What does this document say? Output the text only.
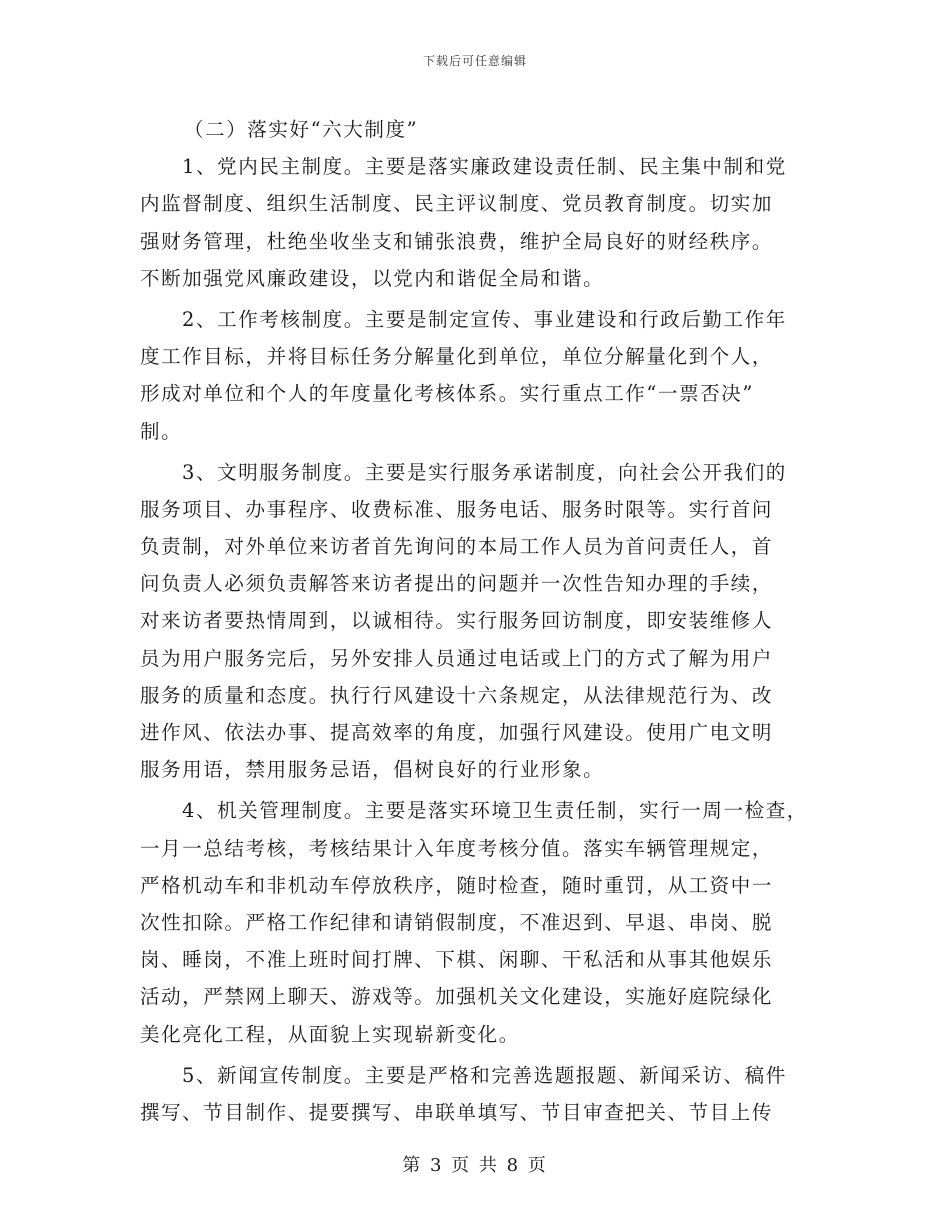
下载后可任意编辑
（二）落实好“六大制度”
1、党内民主制度。主要是落实廉政建设责任制、民主集中制和党
内监督制度、组织生活制度、民主评议制度、党员教育制度。切实加
强财务管理，杜绝坐收坐支和铺张浪费，维护全局良好的财经秩序。
不断加强党风廉政建设，以党内和谐促全局和谐。
2、工作考核制度。主要是制定宣传、事业建设和行政后勤工作年
度工作目标，并将目标任务分解量化到单位，单位分解量化到个人，
形成对单位和个人的年度量化考核体系。实行重点工作“一票否决”
制。
3、文明服务制度。主要是实行服务承诺制度，向社会公开我们的
服务项目、办事程序、收费标准、服务电话、服务时限等。实行首问
负责制，对外单位来访者首先询问的本局工作人员为首问责任人，首
问负责人必须负责解答来访者提出的问题并一次性告知办理的手续，
对来访者要热情周到，以诚相待。实行服务回访制度，即安装维修人
员为用户服务完后，另外安排人员通过电话或上门的方式了解为用户
服务的质量和态度。执行行风建设十六条规定，从法律规范行为、改
进作风、依法办事、提高效率的角度，加强行风建设。使用广电文明
服务用语，禁用服务忌语，倡树良好的行业形象。
4、机关管理制度。主要是落实环境卫生责任制，实行一周一检查，
一月一总结考核，考核结果计入年度考核分值。落实车辆管理规定，
严格机动车和非机动车停放秩序，随时检查，随时重罚，从工资中一
次性扣除。严格工作纪律和请销假制度，不准迟到、早退、串岗、脱
岗、睡岗，不准上班时间打牌、下棋、闲聊、干私活和从事其他娱乐
活动，严禁网上聊天、游戏等。加强机关文化建设，实施好庭院绿化
美化亮化工程，从面貌上实现崭新变化。
5、新闻宣传制度。主要是严格和完善选题报题、新闻采访、稿件
撰写、节目制作、提要撰写、串联单填写、节目审查把关、节目上传
第 3 页 共 8 页
